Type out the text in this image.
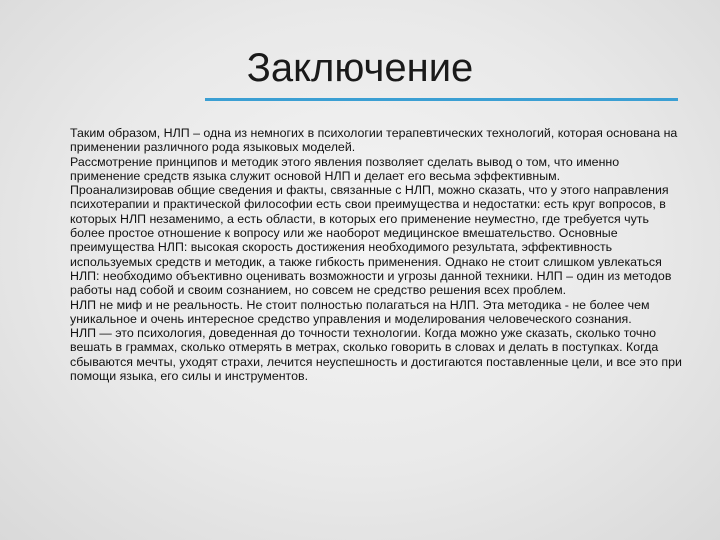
Заключение

Таким образом, НЛП – одна из немногих в психологии терапевтических технологий, которая основана на применении различного рода языковых моделей.

Рассмотрение принципов и методик этого явления позволяет сделать вывод о том, что именно применение средств языка служит основой НЛП и делает его весьма эффективным.

Проанализировав общие сведения и факты, связанные с НЛП, можно сказать, что у этого направления психотерапии и практической философии есть свои преимущества и недостатки: есть круг вопросов, в которых НЛП незаменимо, а есть области, в которых его применение неуместно, где требуется чуть более простое отношение к вопросу или же наоборот медицинское вмешательство. Основные преимущества НЛП: высокая скорость достижения необходимого результата, эффективность используемых средств и методик, а также гибкость применения. Однако не стоит слишком увлекаться НЛП: необходимо объективно оценивать возможности и угрозы данной техники. НЛП – один из методов работы над собой и своим сознанием, но совсем не средство решения всех проблем.

НЛП не миф и не реальность. Не стоит полностью полагаться на НЛП. Эта методика - не более чем уникальное и очень интересное средство управления и моделирования человеческого сознания.

НЛП — это психология, доведенная до точности технологии. Когда можно уже сказать, сколько точно вешать в граммах, сколько отмерять в метрах, сколько говорить в словах и делать в поступках. Когда сбываются мечты, уходят страхи, лечится неуспешность и достигаются поставленные цели, и все это при помощи языка, его силы и инструментов.
